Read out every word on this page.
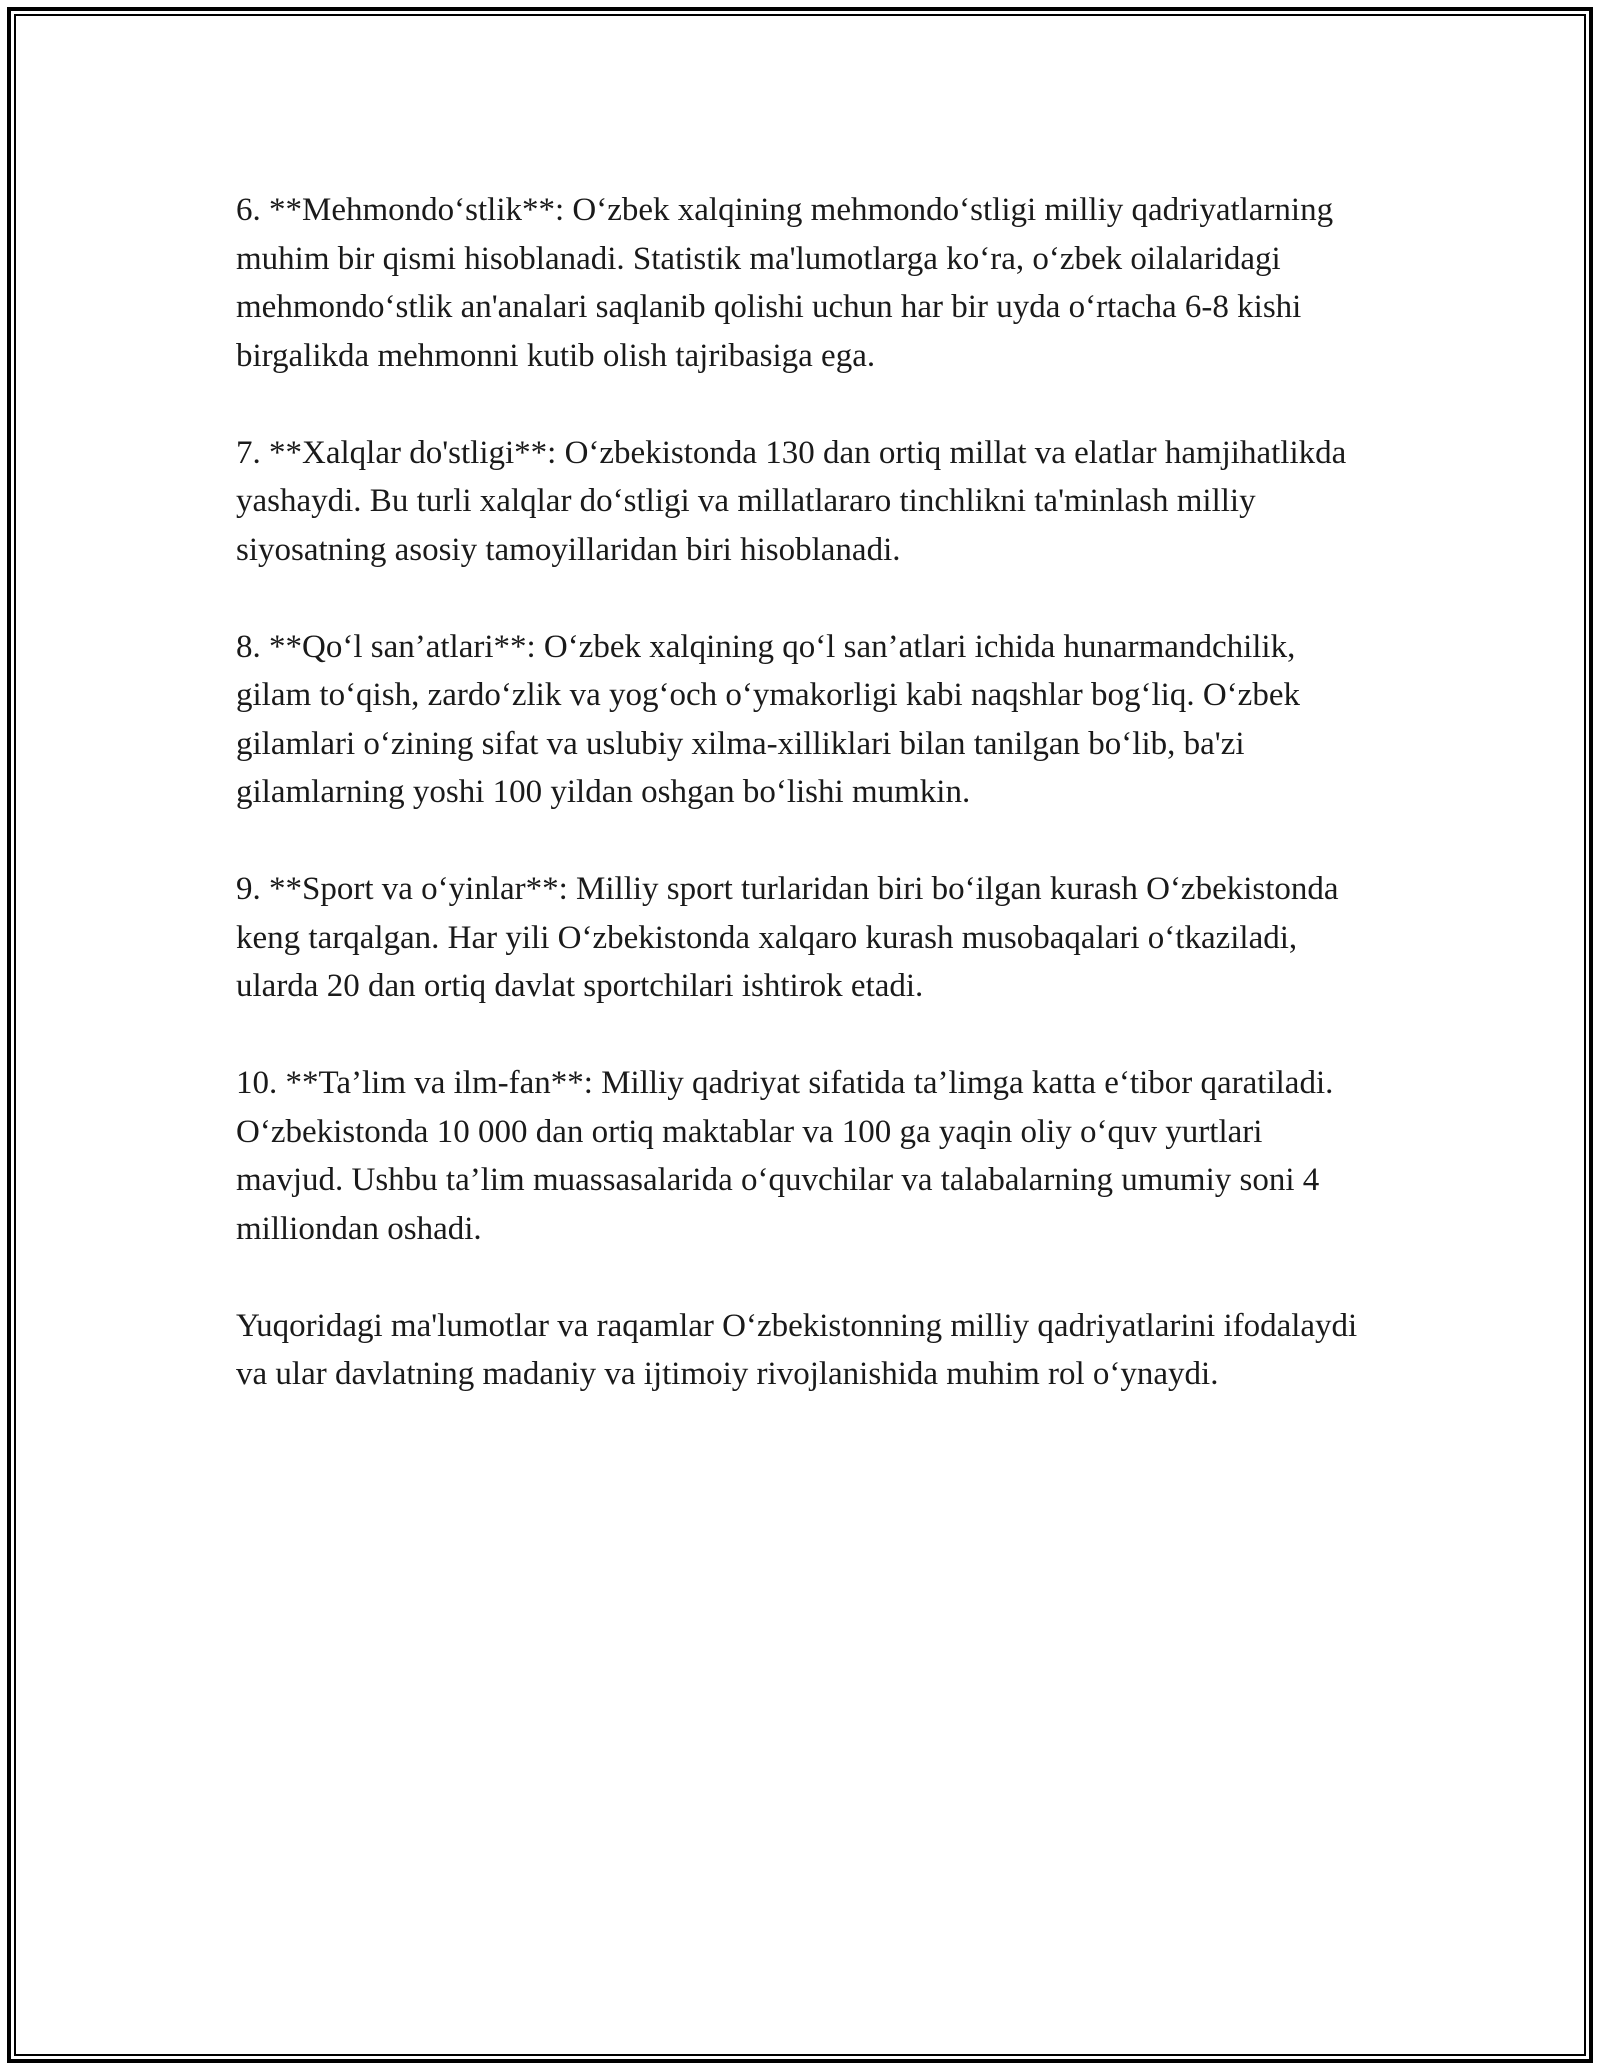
6. **Mehmondoʻstlik**: Oʻzbek xalqining mehmondoʻstligi milliy qadriyatlarning muhim bir qismi hisoblanadi. Statistik ma'lumotlarga koʻra, oʻzbek oilalaridagi mehmondoʻstlik an'analari saqlanib qolishi uchun har bir uyda oʻrtacha 6-8 kishi birgalikda mehmonni kutib olish tajribasiga ega.

7. **Xalqlar do'stligi**: Oʻzbekistonda 130 dan ortiq millat va elatlar hamjihatlikda yashaydi. Bu turli xalqlar doʻstligi va millatlararo tinchlikni ta'minlash milliy siyosatning asosiy tamoyillaridan biri hisoblanadi.

8. **Qoʻl san’atlari**: Oʻzbek xalqining qoʻl san’atlari ichida hunarmandchilik, gilam toʻqish, zardoʻzlik va yogʻoch oʻymakorligi kabi naqshlar bogʻliq. Oʻzbek gilamlari oʻzining sifat va uslubiy xilma-xilliklari bilan tanilgan boʻlib, ba'zi gilamlarning yoshi 100 yildan oshgan boʻlishi mumkin.

9. **Sport va oʻyinlar**: Milliy sport turlaridan biri boʻilgan kurash Oʻzbekistonda keng tarqalgan. Har yili Oʻzbekistonda xalqaro kurash musobaqalari oʻtkaziladi, ularda 20 dan ortiq davlat sportchilari ishtirok etadi.

10. **Ta’lim va ilm-fan**: Milliy qadriyat sifatida ta’limga katta e‘tibor qaratiladi. Oʻzbekistonda 10 000 dan ortiq maktablar va 100 ga yaqin oliy oʻquv yurtlari mavjud. Ushbu ta’lim muassasalarida oʻquvchilar va talabalarning umumiy soni 4 milliondan oshadi.

Yuqoridagi ma'lumotlar va raqamlar Oʻzbekistonning milliy qadriyatlarini ifodalaydi va ular davlatning madaniy va ijtimoiy rivojlanishida muhim rol oʻynaydi.
